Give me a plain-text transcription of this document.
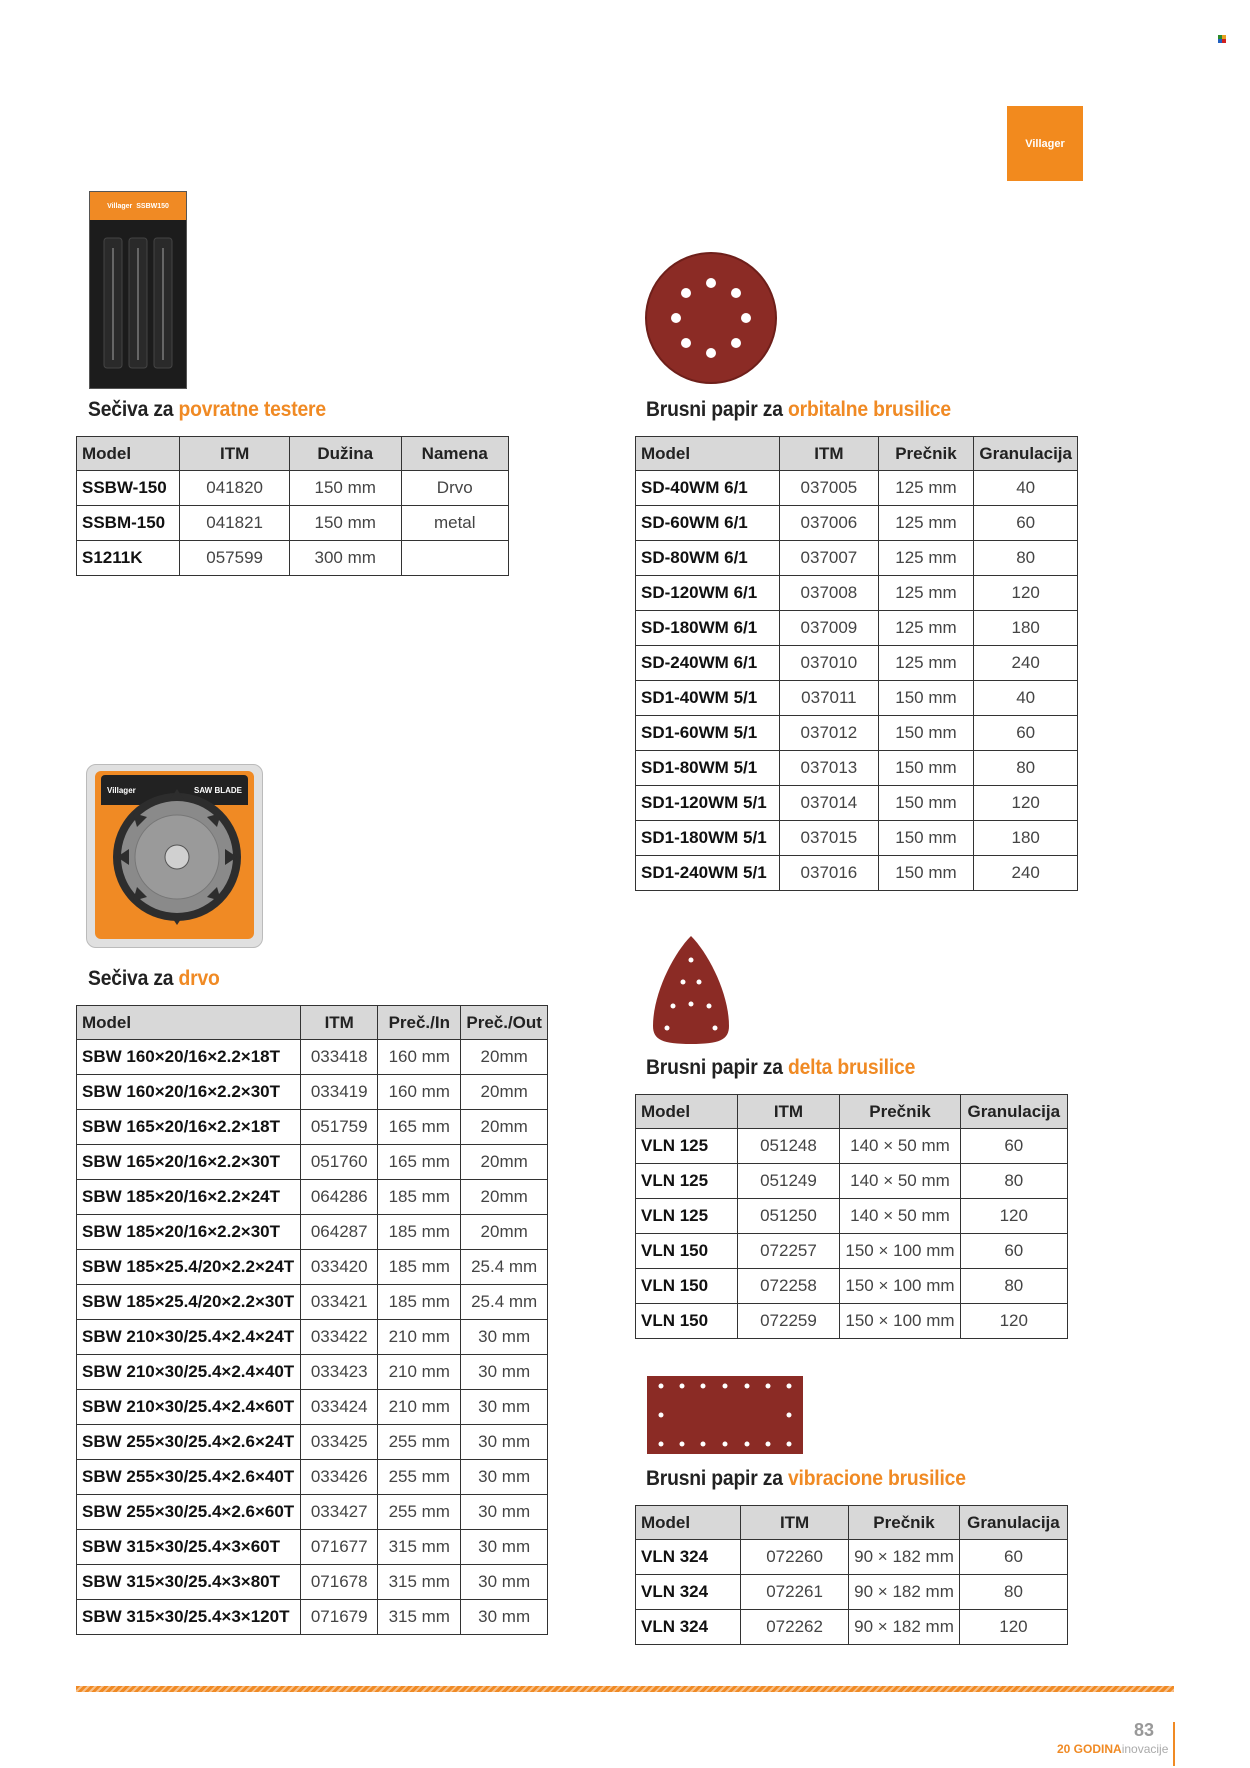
Villager
Villager SSBW150
Villager	SAW BLADE
Sečiva za povratne testere	Brusni papir za orbitalne brusilice
Sečiva za drvo
Brusni papir za delta brusilice
Brusni papir za vibracione brusilice
Model	ITM	Dužina	Namena
SSBW-150	041820	150 mm	Drvo
SSBM-150	041821	150 mm	metal
S1211K	057599	300 mm	
Model	ITM	Prečnik	Granulacija
SD-40WM 6/1	037005	125 mm	40
SD-60WM 6/1	037006	125 mm	60
SD-80WM 6/1	037007	125 mm	80
SD-120WM 6/1	037008	125 mm	120
SD-180WM 6/1	037009	125 mm	180
SD-240WM 6/1	037010	125 mm	240
SD1-40WM 5/1	037011	150 mm	40
SD1-60WM 5/1	037012	150 mm	60
SD1-80WM 5/1	037013	150 mm	80
SD1-120WM 5/1	037014	150 mm	120
SD1-180WM 5/1	037015	150 mm	180
SD1-240WM 5/1	037016	150 mm	240
Model	ITM	Preč./In	Preč./Out
SBW 160×20/16×2.2×18T	033418	160 mm	20mm
SBW 160×20/16×2.2×30T	033419	160 mm	20mm
SBW 165×20/16×2.2×18T	051759	165 mm	20mm
SBW 165×20/16×2.2×30T	051760	165 mm	20mm
SBW 185×20/16×2.2×24T	064286	185 mm	20mm
SBW 185×20/16×2.2×30T	064287	185 mm	20mm
SBW 185×25.4/20×2.2×24T	033420	185 mm	25.4 mm
SBW 185×25.4/20×2.2×30T	033421	185 mm	25.4 mm
SBW 210×30/25.4×2.4×24T	033422	210 mm	30 mm
SBW 210×30/25.4×2.4×40T	033423	210 mm	30 mm
SBW 210×30/25.4×2.4×60T	033424	210 mm	30 mm
SBW 255×30/25.4×2.6×24T	033425	255 mm	30 mm
SBW 255×30/25.4×2.6×40T	033426	255 mm	30 mm
SBW 255×30/25.4×2.6×60T	033427	255 mm	30 mm
SBW 315×30/25.4×3×60T	071677	315 mm	30 mm
SBW 315×30/25.4×3×80T	071678	315 mm	30 mm
SBW 315×30/25.4×3×120T	071679	315 mm	30 mm
Model	ITM	Prečnik	Granulacija
VLN 125	051248	140 × 50 mm	60
VLN 125	051249	140 × 50 mm	80
VLN 125	051250	140 × 50 mm	120
VLN 150	072257	150 × 100 mm	60
VLN 150	072258	150 × 100 mm	80
VLN 150	072259	150 × 100 mm	120
Model	ITM	Prečnik	Granulacija
VLN 324	072260	90 × 182 mm	60
VLN 324	072261	90 × 182 mm	80
VLN 324	072262	90 × 182 mm	120
83
20 GODINAinovacije
